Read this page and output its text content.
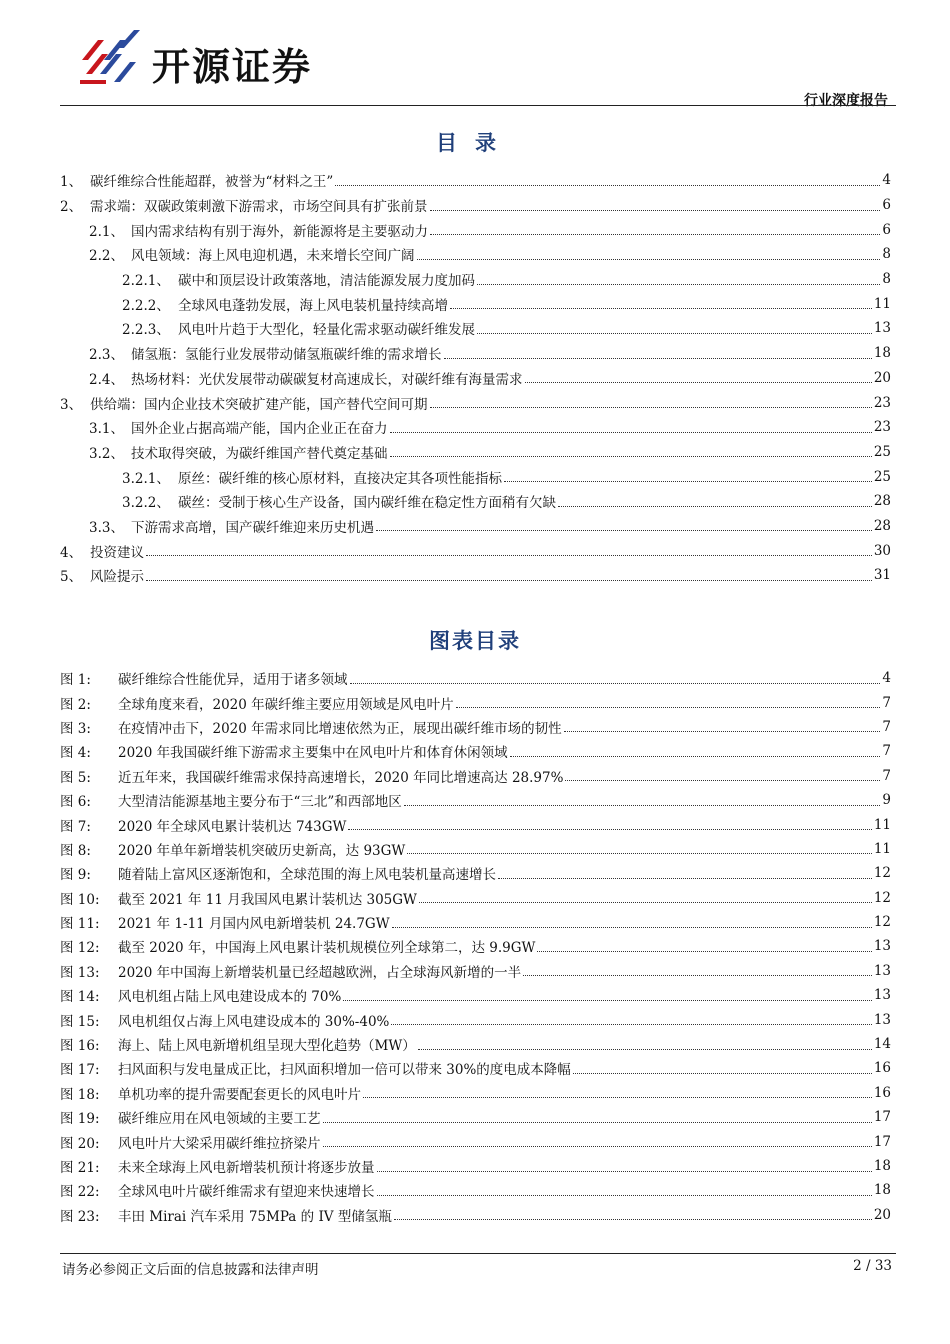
开源证券
行业深度报告
目录
1、 碳纤维综合性能超群，被誉为“材料之王”	4
2、 需求端：双碳政策刺激下游需求，市场空间具有扩张前景	6
2.1、 国内需求结构有别于海外，新能源将是主要驱动力	6
2.2、 风电领域：海上风电迎机遇，未来增长空间广阔	8
2.2.1、 碳中和顶层设计政策落地，清洁能源发展力度加码	8
2.2.2、 全球风电蓬勃发展，海上风电装机量持续高增	11
2.2.3、 风电叶片趋于大型化，轻量化需求驱动碳纤维发展	13
2.3、 储氢瓶：氢能行业发展带动储氢瓶碳纤维的需求增长	18
2.4、 热场材料：光伏发展带动碳碳复材高速成长，对碳纤维有海量需求	20
3、 供给端：国内企业技术突破扩建产能，国产替代空间可期	23
3.1、 国外企业占据高端产能，国内企业正在奋力	23
3.2、 技术取得突破，为碳纤维国产替代奠定基础	25
3.2.1、 原丝：碳纤维的核心原材料，直接决定其各项性能指标	25
3.2.2、 碳丝：受制于核心生产设备，国内碳纤维在稳定性方面稍有欠缺	28
3.3、 下游需求高增，国产碳纤维迎来历史机遇	28
4、 投资建议	30
5、 风险提示	31
图表目录
图 1:	碳纤维综合性能优异，适用于诸多领域	4
图 2:	全球角度来看，2020 年碳纤维主要应用领域是风电叶片	7
图 3:	在疫情冲击下，2020 年需求同比增速依然为正，展现出碳纤维市场的韧性	7
图 4:	2020 年我国碳纤维下游需求主要集中在风电叶片和体育休闲领域	7
图 5:	近五年来，我国碳纤维需求保持高速增长，2020 年同比增速高达 28.97%	7
图 6:	大型清洁能源基地主要分布于“三北”和西部地区	9
图 7:	2020 年全球风电累计装机达 743GW	11
图 8:	2020 年单年新增装机突破历史新高，达 93GW	11
图 9:	随着陆上富风区逐渐饱和，全球范围的海上风电装机量高速增长	12
图 10:	截至 2021 年 11 月我国风电累计装机达 305GW	12
图 11:	2021 年 1-11 月国内风电新增装机 24.7GW	12
图 12:	截至 2020 年，中国海上风电累计装机规模位列全球第二，达 9.9GW	13
图 13:	2020 年中国海上新增装机量已经超越欧洲，占全球海风新增的一半	13
图 14:	风电机组占陆上风电建设成本的 70%	13
图 15:	风电机组仅占海上风电建设成本的 30%-40%	13
图 16:	海上、陆上风电新增机组呈现大型化趋势（MW）	14
图 17:	扫风面积与发电量成正比，扫风面积增加一倍可以带来 30%的度电成本降幅	16
图 18:	单机功率的提升需要配套更长的风电叶片	16
图 19:	碳纤维应用在风电领域的主要工艺	17
图 20:	风电叶片大梁采用碳纤维拉挤梁片	17
图 21:	未来全球海上风电新增装机预计将逐步放量	18
图 22:	全球风电叶片碳纤维需求有望迎来快速增长	18
图 23:	丰田 Mirai 汽车采用 75MPa 的 IV 型储氢瓶	20
请务必参阅正文后面的信息披露和法律声明	2 / 33
